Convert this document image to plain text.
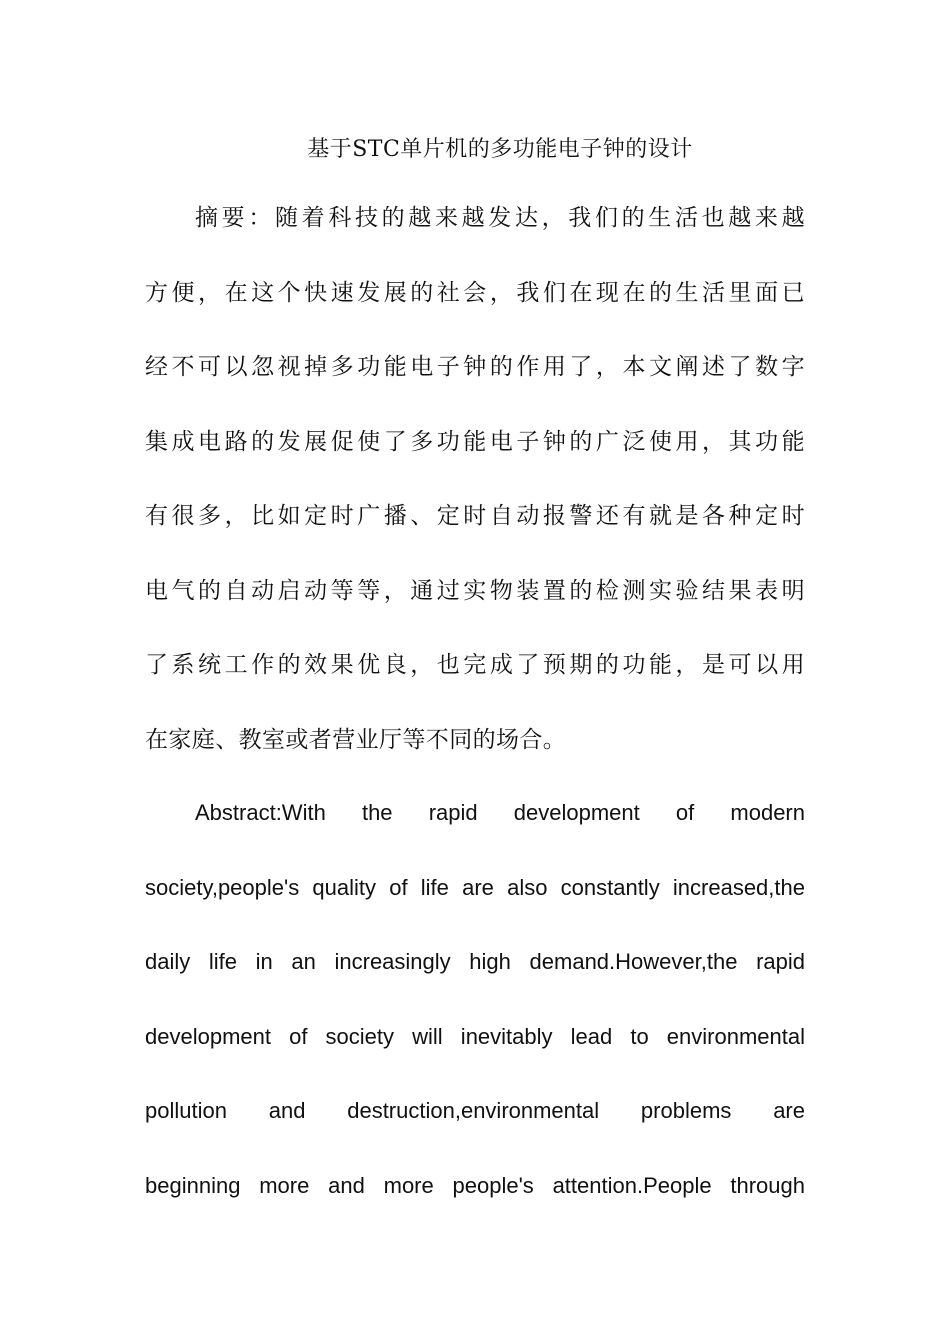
基于STC单片机的多功能电子钟的设计
摘要：随着科技的越来越发达，我们的生活也越来越
方便，在这个快速发展的社会，我们在现在的生活里面已
经不可以忽视掉多功能电子钟的作用了，本文阐述了数字
集成电路的发展促使了多功能电子钟的广泛使用，其功能
有很多，比如定时广播、定时自动报警还有就是各种定时
电气的自动启动等等，通过实物装置的检测实验结果表明
了系统工作的效果优良，也完成了预期的功能，是可以用
在家庭、教室或者营业厅等不同的场合。
Abstract:With the rapid development of modern
society,people's quality of life are also constantly increased,the
daily life in an increasingly high demand.However,the rapid
development of society will inevitably lead to environmental
pollution and destruction,environmental problems are
beginning more and more people's attention.People through
